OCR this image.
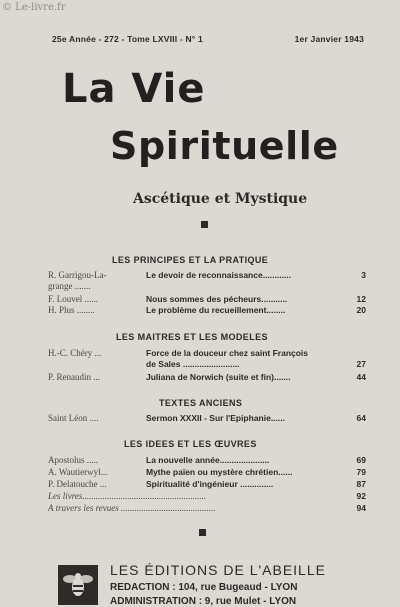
© Le-livre.fr
25e Année - 272 - Tome LXVIII - N° 1	1er Janvier 1943
La Vie
Spirituelle
Ascétique et Mystique
LES PRINCIPES ET LA PRATIQUE
R. Garrigou-La-
grange .......
Le devoir de reconnaissance............	3
F. Louvel ......	Nous sommes des pécheurs...........	12
H. Plus ........	Le problème du recueillement........	20
LES MAITRES ET LES MODELES
H.-C. Chéry ...	Force de la douceur chez saint François
de Sales ........................	27
P. Renaudin ...	Juliana de Norwich (suite et fin).......	44
TEXTES ANCIENS
Saint Léon ....	Sermon XXXII - Sur l'Epiphanie......	64
LES IDEES ET LES ŒUVRES
Apostolus .....	La nouvelle année.....................	69
A. Wautierwyl...	Mythe païen ou mystère chrétien......	79
P. Delatouche ...	Spiritualité d'ingénieur ..............	87
Les livres.......................................................	92
A travers les revues ..........................................	94
LES ÉDITIONS DE L'ABEILLE
REDACTION : 104, rue Bugeaud - LYON
ADMINISTRATION : 9, rue Mulet - LYON
